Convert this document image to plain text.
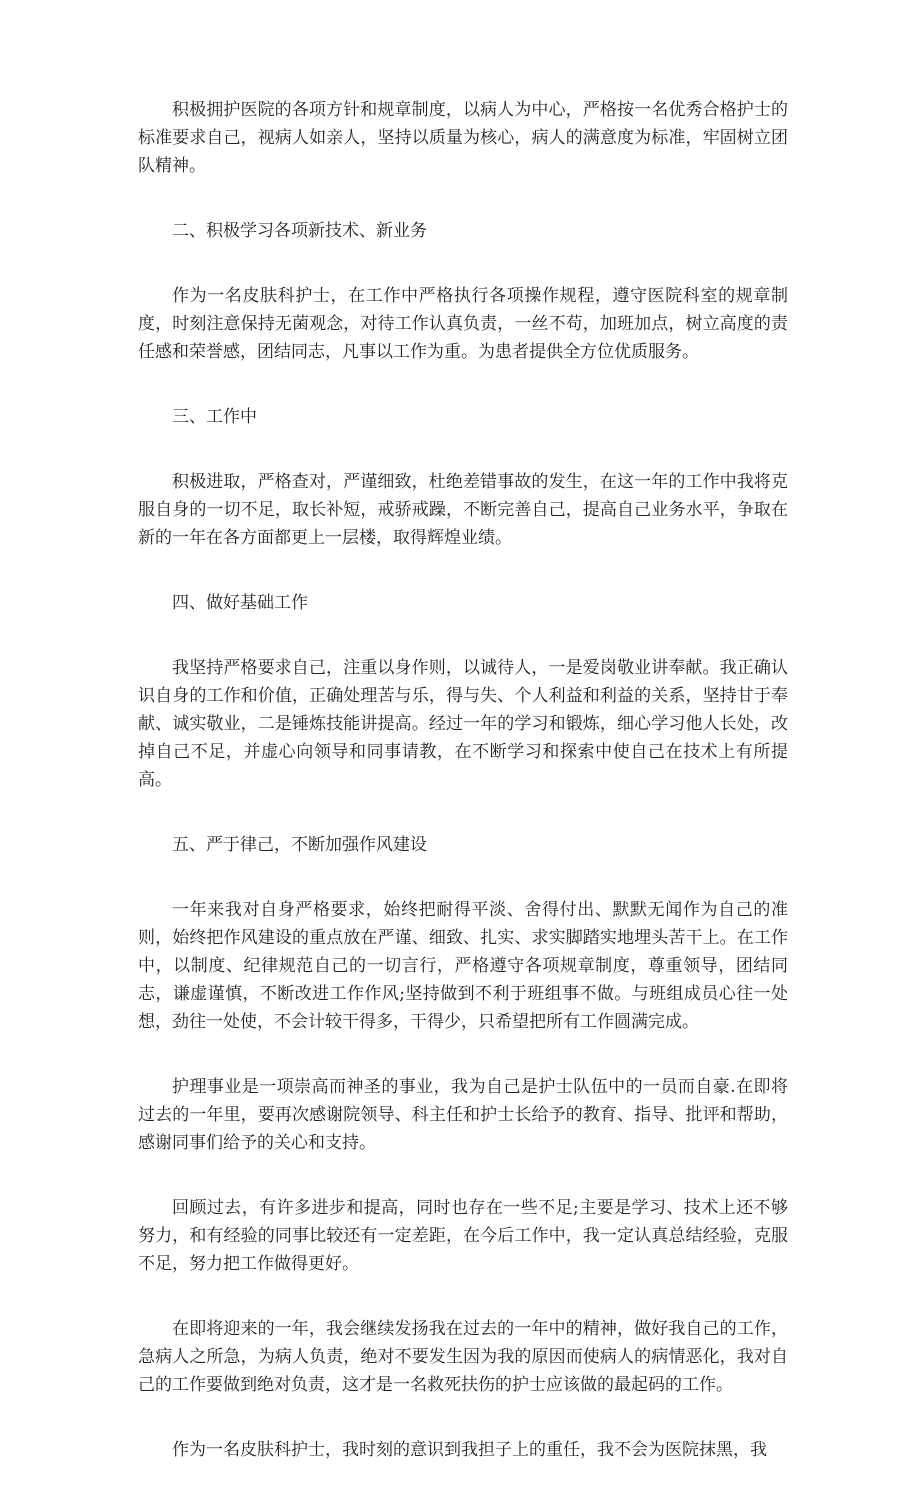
积极拥护医院的各项方针和规章制度，以病人为中心，严格按一名优秀合格护士的标准要求自己，视病人如亲人，坚持以质量为核心，病人的满意度为标准，牢固树立团队精神。

二、积极学习各项新技术、新业务

作为一名皮肤科护士，在工作中严格执行各项操作规程，遵守医院科室的规章制度，时刻注意保持无菌观念，对待工作认真负责，一丝不苟，加班加点，树立高度的责任感和荣誉感，团结同志，凡事以工作为重。为患者提供全方位优质服务。

三、工作中

积极进取，严格查对，严谨细致，杜绝差错事故的发生，在这一年的工作中我将克服自身的一切不足，取长补短，戒骄戒躁，不断完善自己，提高自己业务水平，争取在新的一年在各方面都更上一层楼，取得辉煌业绩。

四、做好基础工作

我坚持严格要求自己，注重以身作则，以诚待人，一是爱岗敬业讲奉献。我正确认识自身的工作和价值，正确处理苦与乐，得与失、个人利益和利益的关系，坚持甘于奉献、诚实敬业，二是锤炼技能讲提高。经过一年的学习和锻炼，细心学习他人长处，改掉自己不足，并虚心向领导和同事请教，在不断学习和探索中使自己在技术上有所提高。

五、严于律己，不断加强作风建设

一年来我对自身严格要求，始终把耐得平淡、舍得付出、默默无闻作为自己的准则，始终把作风建设的重点放在严谨、细致、扎实、求实脚踏实地埋头苦干上。在工作中，以制度、纪律规范自己的一切言行，严格遵守各项规章制度，尊重领导，团结同志，谦虚谨慎，不断改进工作作风;坚持做到不利于班组事不做。与班组成员心往一处想，劲往一处使，不会计较干得多，干得少，只希望把所有工作圆满完成。

护理事业是一项崇高而神圣的事业，我为自己是护士队伍中的一员而自豪.在即将过去的一年里，要再次感谢院领导、科主任和护士长给予的教育、指导、批评和帮助，感谢同事们给予的关心和支持。

回顾过去，有许多进步和提高，同时也存在一些不足;主要是学习、技术上还不够努力，和有经验的同事比较还有一定差距，在今后工作中，我一定认真总结经验，克服不足，努力把工作做得更好。

在即将迎来的一年，我会继续发扬我在过去的一年中的精神，做好我自己的工作，急病人之所急，为病人负责，绝对不要发生因为我的原因而使病人的病情恶化，我对自己的工作要做到绝对负责，这才是一名救死扶伤的护士应该做的最起码的工作。

作为一名皮肤科护士，我时刻的意识到我担子上的重任，我不会为医院抹黑，我
